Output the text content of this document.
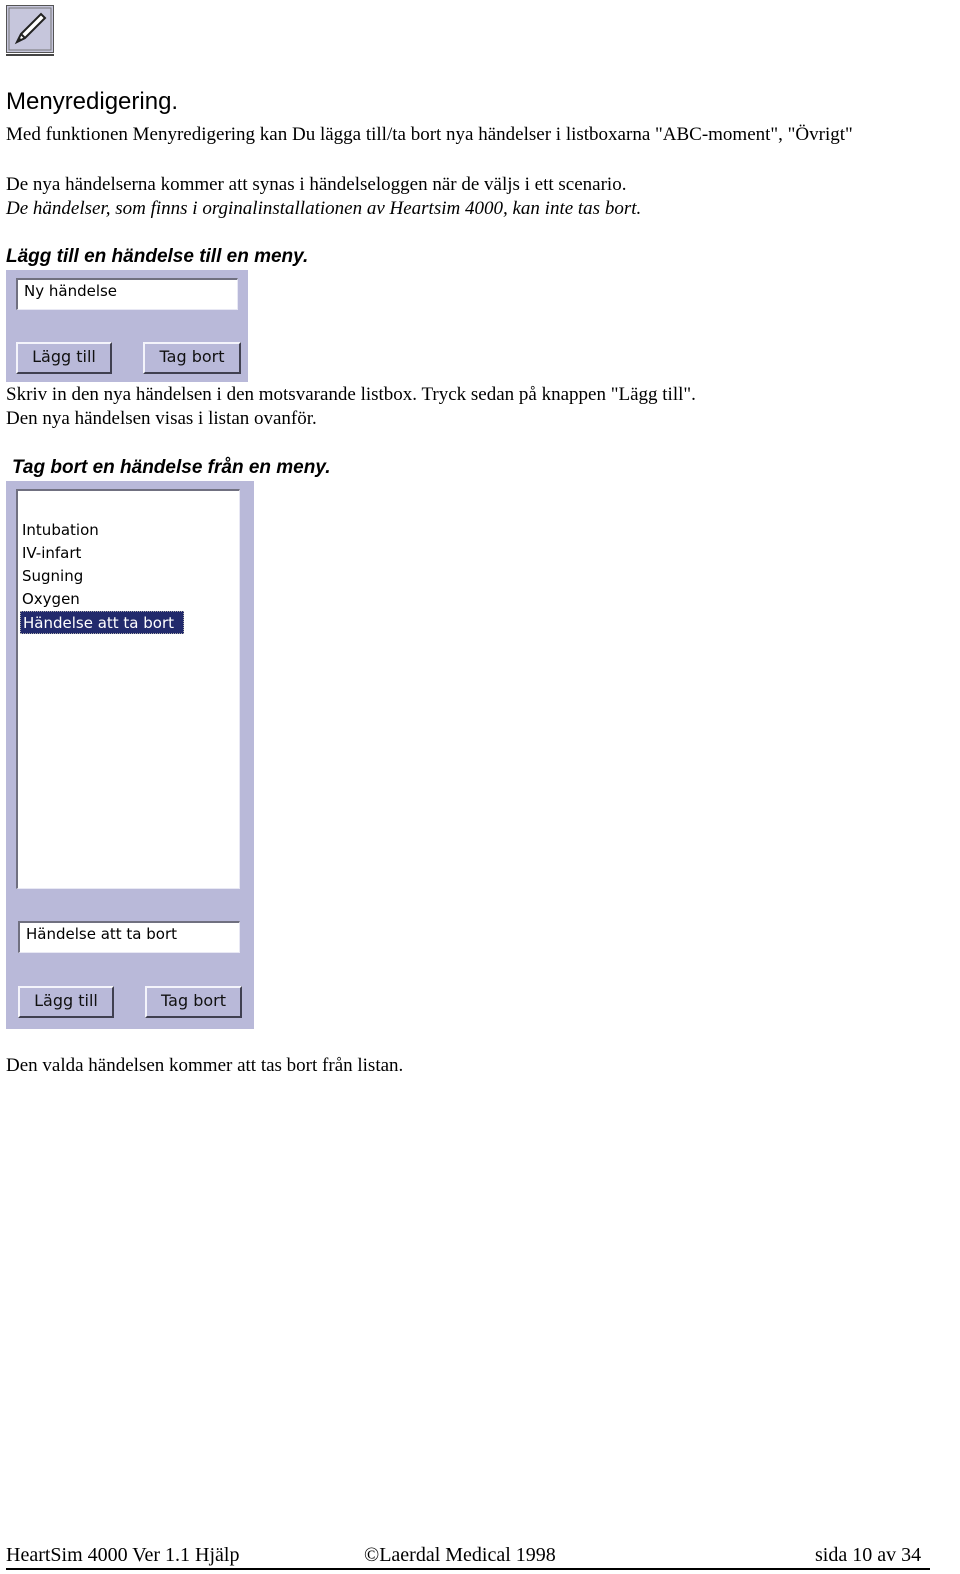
Menyredigering.
Med funktionen Menyredigering kan Du lägga till/ta bort nya händelser i listboxarna "ABC-moment", "Övrigt"
De nya händelserna kommer att synas i händelseloggen när de väljs i ett scenario.
De händelser, som finns i orginalinstallationen av Heartsim 4000, kan inte tas bort.
Lägg till en händelse till en meny.
Ny händelse
Lägg till	Tag bort
Skriv in den nya händelsen i den motsvarande listbox. Tryck sedan på knappen "Lägg till".
Den nya händelsen visas i listan ovanför.
Tag bort en händelse från en meny.
Intubation
IV-infart
Sugning
Oxygen
Händelse att ta bort
Händelse att ta bort
Lägg till	Tag bort
Den valda händelsen kommer att tas bort från listan.
HeartSim 4000 Ver 1.1 Hjälp	©Laerdal Medical 1998	sida 10 av 34
